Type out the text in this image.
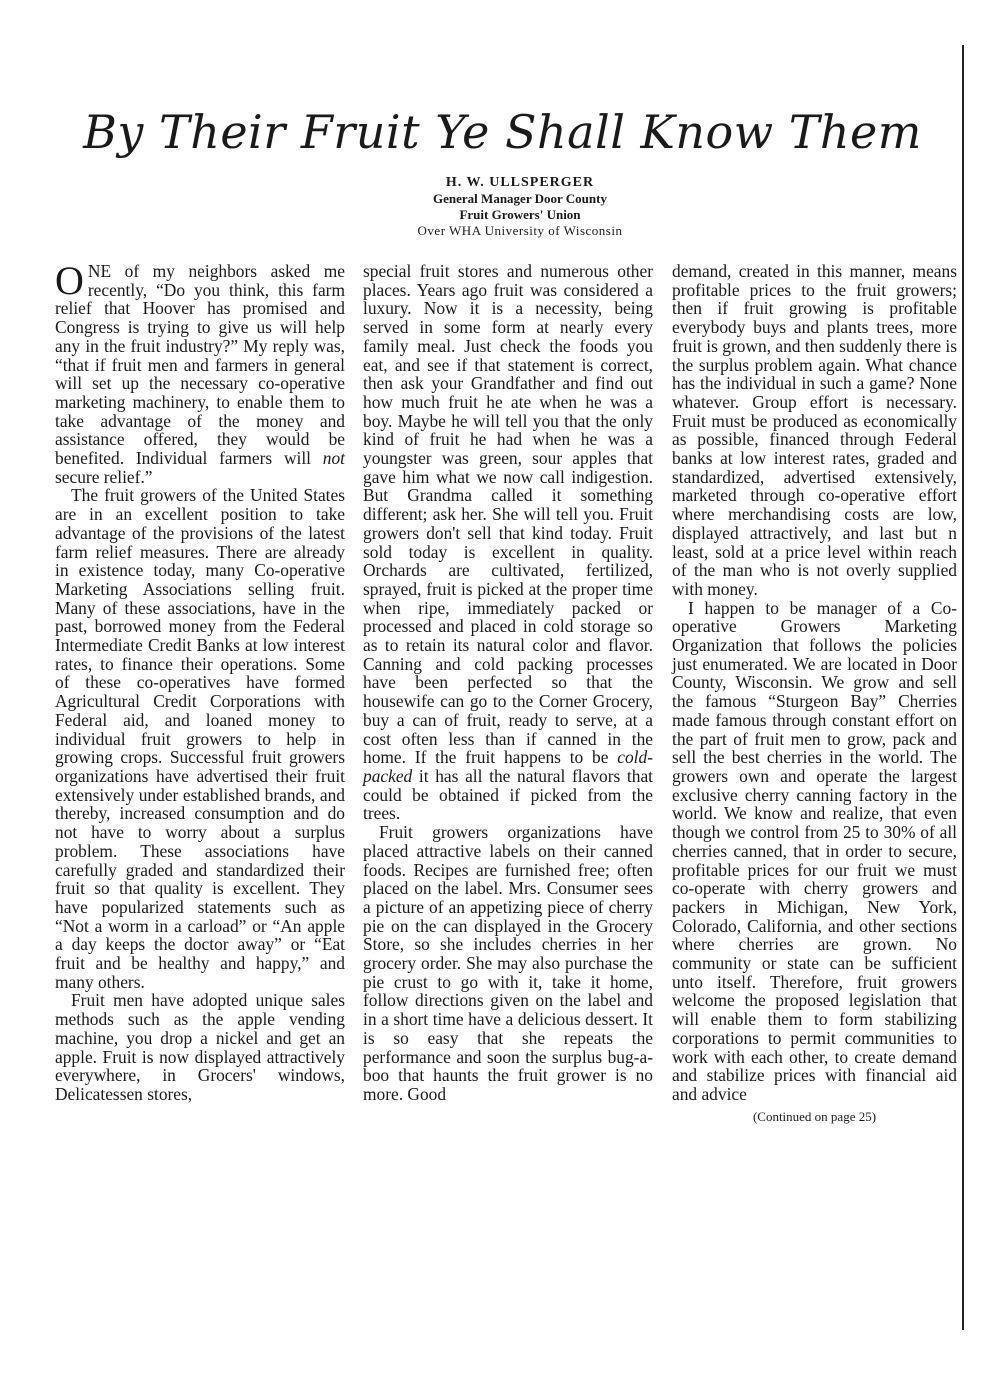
By Their Fruit Ye Shall Know Them
H. W. ULLSPERGER
General Manager Door County
Fruit Growers' Union
Over WHA University of Wisconsin

ONE of my neighbors asked me recently, “Do you think, this farm relief that Hoover has promised and Congress is trying to give us will help any in the fruit industry?” My reply was, “that if fruit men and farmers in general will set up the necessary co-operative marketing machinery, to enable them to take advantage of the money and assistance offered, they would be benefited. Individual farmers will not secure relief.”

The fruit growers of the United States are in an excellent position to take advantage of the provisions of the latest farm relief measures. There are already in existence today, many Co-operative Marketing Associations selling fruit. Many of these associations, have in the past, borrowed money from the Federal Intermediate Credit Banks at low interest rates, to finance their operations. Some of these co-operatives have formed Agricultural Credit Corporations with Federal aid, and loaned money to individual fruit growers to help in growing crops. Successful fruit growers organizations have advertised their fruit extensively under established brands, and thereby, increased consumption and do not have to worry about a surplus problem. These associations have carefully graded and standardized their fruit so that quality is excellent. They have popularized statements such as “Not a worm in a carload” or “An apple a day keeps the doctor away” or “Eat fruit and be healthy and happy,” and many others.

Fruit men have adopted unique sales methods such as the apple vending machine, you drop a nickel and get an apple. Fruit is now displayed attractively everywhere, in Grocers' windows, Delicatessen stores,

special fruit stores and numerous other places. Years ago fruit was considered a luxury. Now it is a necessity, being served in some form at nearly every family meal. Just check the foods you eat, and see if that statement is correct, then ask your Grandfather and find out how much fruit he ate when he was a boy. Maybe he will tell you that the only kind of fruit he had when he was a youngster was green, sour apples that gave him what we now call indigestion. But Grandma called it something different; ask her. She will tell you. Fruit growers don't sell that kind today. Fruit sold today is excellent in quality. Orchards are cultivated, fertilized, sprayed, fruit is picked at the proper time when ripe, immediately packed or processed and placed in cold storage so as to retain its natural color and flavor. Canning and cold packing processes have been perfected so that the housewife can go to the Corner Grocery, buy a can of fruit, ready to serve, at a cost often less than if canned in the home. If the fruit happens to be cold-packed it has all the natural flavors that could be obtained if picked from the trees.

Fruit growers organizations have placed attractive labels on their canned foods. Recipes are furnished free; often placed on the label. Mrs. Consumer sees a picture of an appetizing piece of cherry pie on the can displayed in the Grocery Store, so she includes cherries in her grocery order. She may also purchase the pie crust to go with it, take it home, follow directions given on the label and in a short time have a delicious dessert. It is so easy that she repeats the performance and soon the surplus bug-a-boo that haunts the fruit grower is no more. Good

demand, created in this manner, means profitable prices to the fruit growers; then if fruit growing is profitable everybody buys and plants trees, more fruit is grown, and then suddenly there is the surplus problem again. What chance has the individual in such a game? None whatever. Group effort is necessary. Fruit must be produced as economically as possible, financed through Federal banks at low interest rates, graded and standardized, advertised extensively, marketed through co-operative effort where merchandising costs are low, displayed attractively, and last but n least, sold at a price level within reach of the man who is not overly supplied with money.

I happen to be manager of a Co-operative Growers Marketing Organization that follows the policies just enumerated. We are located in Door County, Wisconsin. We grow and sell the famous “Sturgeon Bay” Cherries made famous through constant effort on the part of fruit men to grow, pack and sell the best cherries in the world. The growers own and operate the largest exclusive cherry canning factory in the world. We know and realize, that even though we control from 25 to 30% of all cherries canned, that in order to secure, profitable prices for our fruit we must co-operate with cherry growers and packers in Michigan, New York, Colorado, California, and other sections where cherries are grown. No community or state can be sufficient unto itself. Therefore, fruit growers welcome the proposed legislation that will enable them to form stabilizing corporations to permit communities to work with each other, to create demand and stabilize prices with financial aid and advice

(Continued on page 25)
